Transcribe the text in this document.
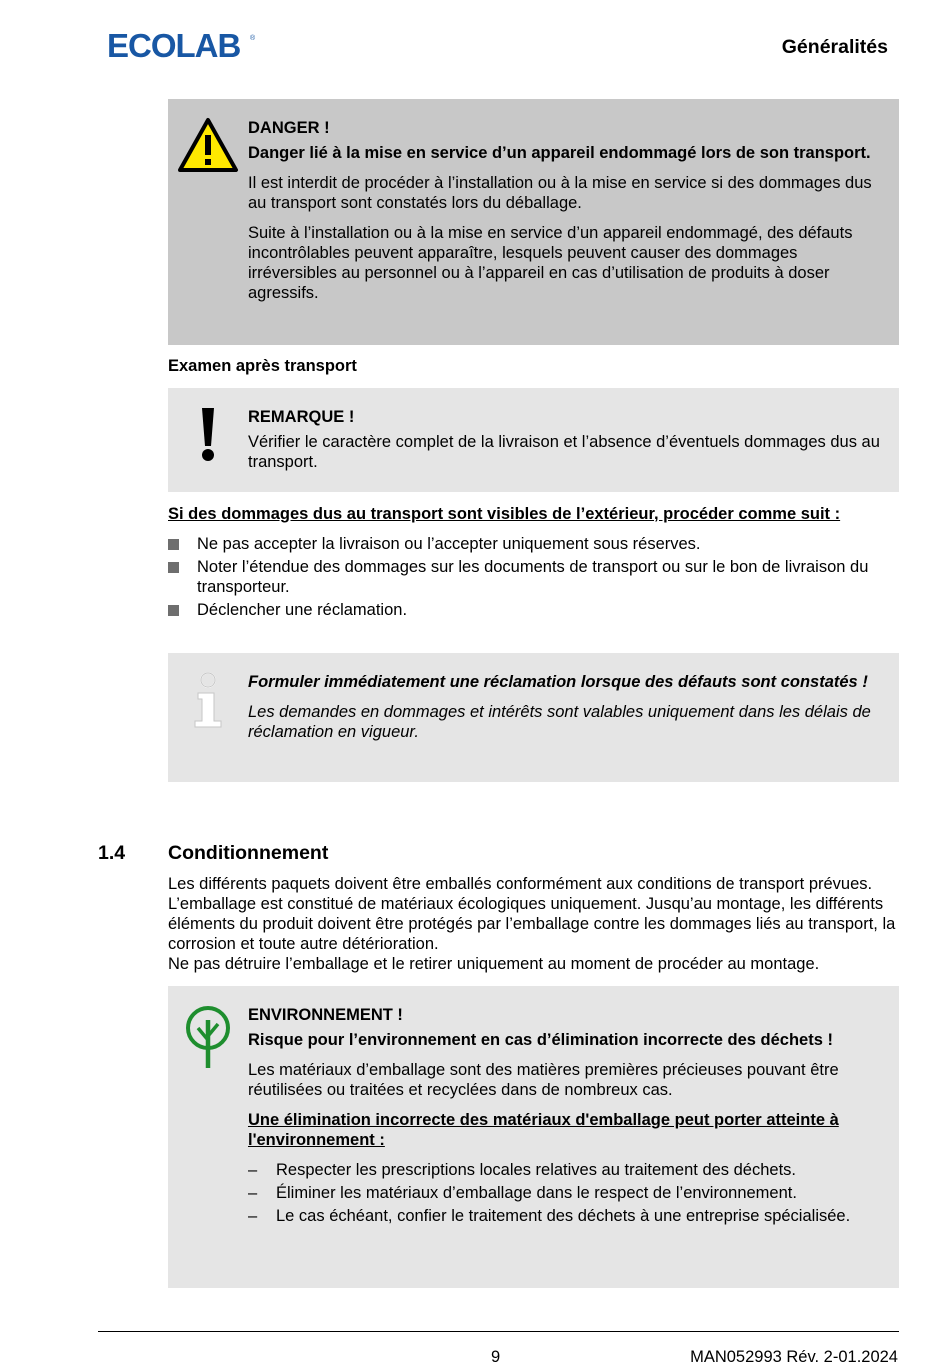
ECOLAB ®	Généralités
DANGER !
Danger lié à la mise en service d’un appareil endommagé lors de son transport.

Il est interdit de procéder à l’installation ou à la mise en service si des dommages dus au transport sont constatés lors du déballage.

Suite à l’installation ou à la mise en service d’un appareil endommagé, des défauts incontrôlables peuvent apparaître, lesquels peuvent causer des dommages irréversibles au personnel ou à l’appareil en cas d’utilisation de produits à doser agressifs.

Examen après transport
REMARQUE !
Vérifier le caractère complet de la livraison et l’absence d’éventuels dommages dus au transport.
Si des dommages dus au transport sont visibles de l’extérieur, procéder comme suit :
Ne pas accepter la livraison ou l’accepter uniquement sous réserves.
Noter l’étendue des dommages sur les documents de transport ou sur le bon de livraison du transporteur.
Déclencher une réclamation.
Formuler immédiatement une réclamation lorsque des défauts sont constatés !
Les demandes en dommages et intérêts sont valables uniquement dans les délais de réclamation en vigueur.
1.4 Conditionnement
Les différents paquets doivent être emballés conformément aux conditions de transport prévues. L’emballage est constitué de matériaux écologiques uniquement. Jusqu’au montage, les différents éléments du produit doivent être protégés par l’emballage contre les dommages liés au transport, la corrosion et toute autre détérioration.
Ne pas détruire l’emballage et le retirer uniquement au moment de procéder au montage.
ENVIRONNEMENT !
Risque pour l’environnement en cas d’élimination incorrecte des déchets !

Les matériaux d’emballage sont des matières premières précieuses pouvant être réutilisées ou traitées et recyclées dans de nombreux cas.

Une élimination incorrecte des matériaux d'emballage peut porter atteinte à l'environnement :
– Respecter les prescriptions locales relatives au traitement des déchets.
– Éliminer les matériaux d’emballage dans le respect de l’environnement.
– Le cas échéant, confier le traitement des déchets à une entreprise spécialisée.
9	MAN052993 Rév. 2-01.2024
